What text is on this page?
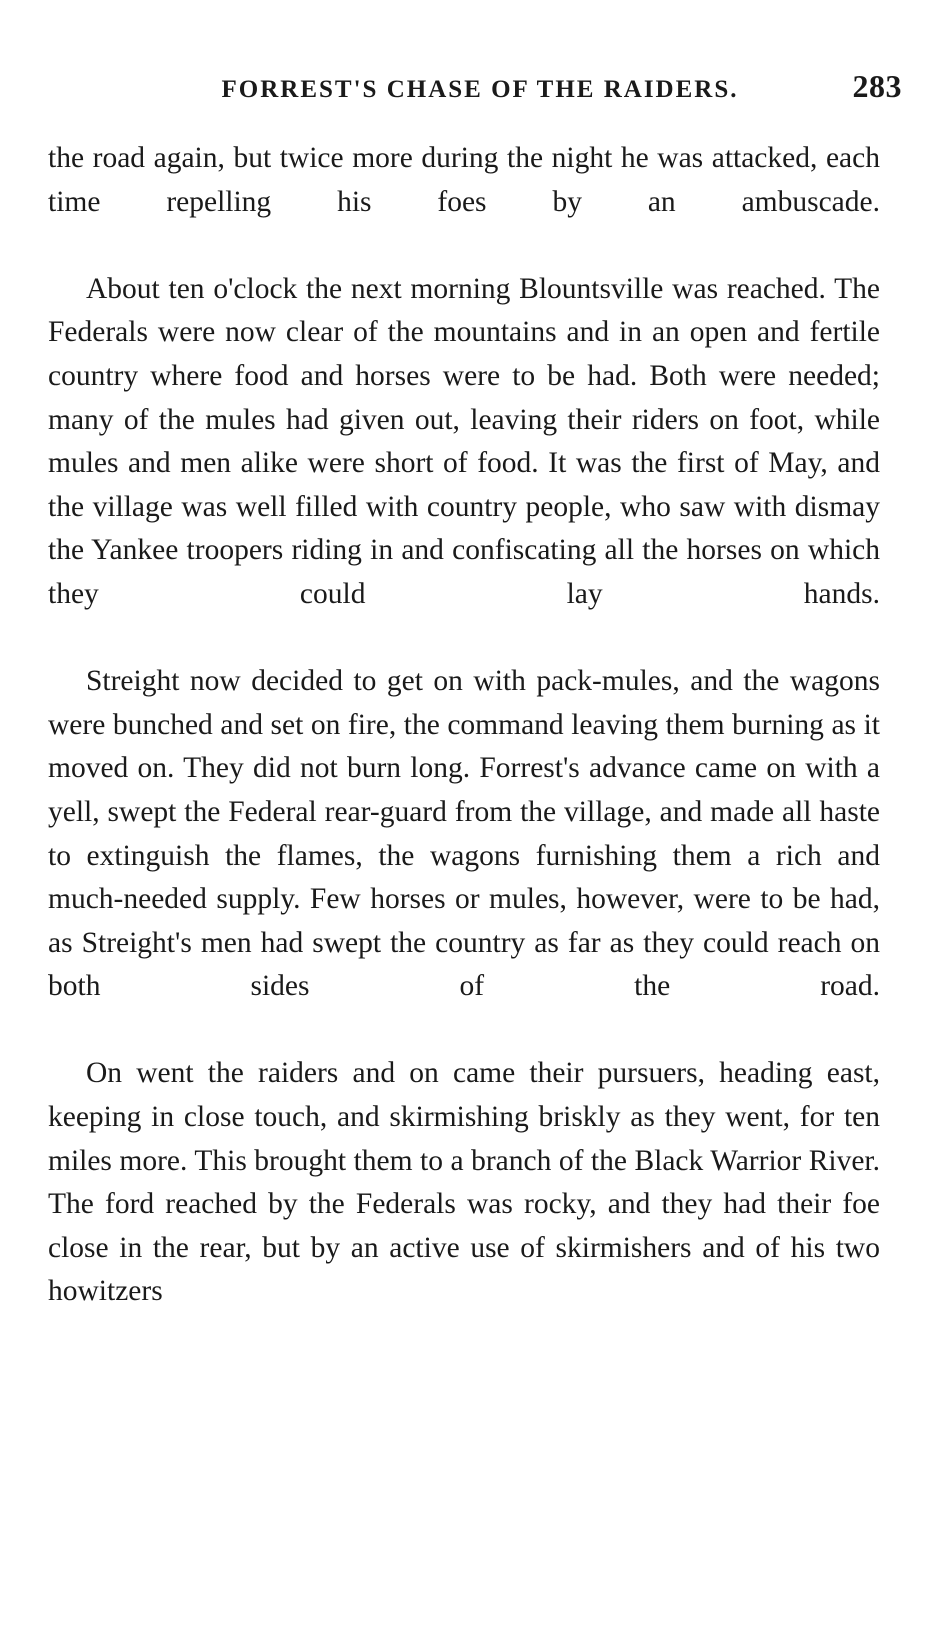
FORREST'S CHASE OF THE RAIDERS.	283

the road again, but twice more during the night he was attacked, each time repelling his foes by an ambuscade.

About ten o'clock the next morning Blountsville was reached. The Federals were now clear of the mountains and in an open and fertile country where food and horses were to be had. Both were needed; many of the mules had given out, leaving their riders on foot, while mules and men alike were short of food. It was the first of May, and the village was well filled with country people, who saw with dismay the Yankee troopers riding in and confiscating all the horses on which they could lay hands.

Streight now decided to get on with pack-mules, and the wagons were bunched and set on fire, the command leaving them burning as it moved on. They did not burn long. Forrest's advance came on with a yell, swept the Federal rear-guard from the village, and made all haste to extinguish the flames, the wagons furnishing them a rich and much-needed supply. Few horses or mules, however, were to be had, as Streight's men had swept the country as far as they could reach on both sides of the road.

On went the raiders and on came their pursuers, heading east, keeping in close touch, and skirmishing briskly as they went, for ten miles more. This brought them to a branch of the Black Warrior River. The ford reached by the Federals was rocky, and they had their foe close in the rear, but by an active use of skirmishers and of his two howitzers
